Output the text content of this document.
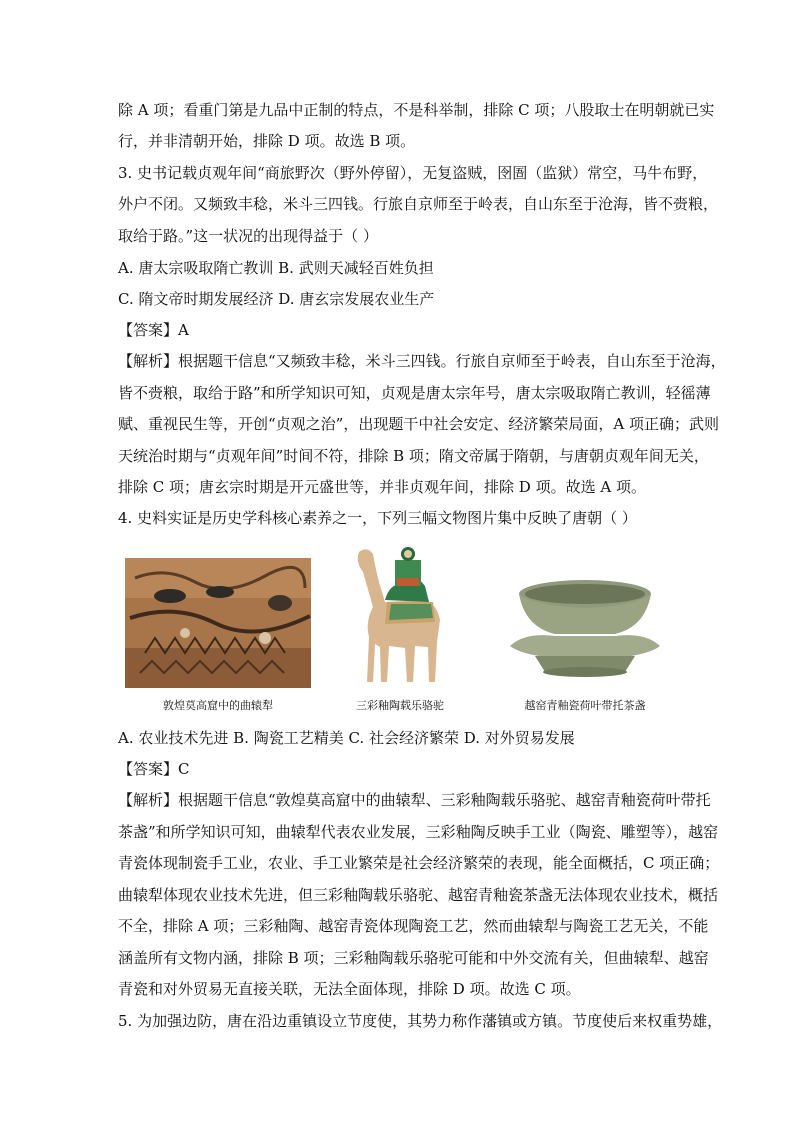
除 A 项；看重门第是九品中正制的特点，不是科举制，排除 C 项；八股取士在明朝就已实
行，并非清朝开始，排除 D 项。故选 B 项。
3. 史书记载贞观年间“商旅野次（野外停留），无复盗贼，囹圄（监狱）常空，马牛布野，
外户不闭。又频致丰稔，米斗三四钱。行旅自京师至于岭表，自山东至于沧海，皆不赍粮，
取给于路。”这一状况的出现得益于（ ）
A. 唐太宗吸取隋亡教训 B. 武则天减轻百姓负担
C. 隋文帝时期发展经济 D. 唐玄宗发展农业生产
【答案】A
【解析】根据题干信息“又频致丰稔，米斗三四钱。行旅自京师至于岭表，自山东至于沧海，
皆不赍粮，取给于路”和所学知识可知，贞观是唐太宗年号，唐太宗吸取隋亡教训，轻徭薄
赋、重视民生等，开创“贞观之治”，出现题干中社会安定、经济繁荣局面，A 项正确；武则
天统治时期与“贞观年间”时间不符，排除 B 项；隋文帝属于隋朝，与唐朝贞观年间无关，
排除 C 项；唐玄宗时期是开元盛世等，并非贞观年间，排除 D 项。故选 A 项。
4. 史料实证是历史学科核心素养之一，下列三幅文物图片集中反映了唐朝（ ）
敦煌莫高窟中的曲辕犁	三彩釉陶载乐骆驼	越窑青釉瓷荷叶带托茶盏
A. 农业技术先进 B. 陶瓷工艺精美 C. 社会经济繁荣 D. 对外贸易发展
【答案】C
【解析】根据题干信息“敦煌莫高窟中的曲辕犁、三彩釉陶载乐骆驼、越窑青釉瓷荷叶带托
茶盏”和所学知识可知，曲辕犁代表农业发展，三彩釉陶反映手工业（陶瓷、雕塑等），越窑
青瓷体现制瓷手工业，农业、手工业繁荣是社会经济繁荣的表现，能全面概括，C 项正确；
曲辕犁体现农业技术先进，但三彩釉陶载乐骆驼、越窑青釉瓷茶盏无法体现农业技术，概括
不全，排除 A 项；三彩釉陶、越窑青瓷体现陶瓷工艺，然而曲辕犁与陶瓷工艺无关，不能
涵盖所有文物内涵，排除 B 项；三彩釉陶载乐骆驼可能和中外交流有关，但曲辕犁、越窑
青瓷和对外贸易无直接关联，无法全面体现，排除 D 项。故选 C 项。
5. 为加强边防，唐在沿边重镇设立节度使，其势力称作藩镇或方镇。节度使后来权重势雄，
